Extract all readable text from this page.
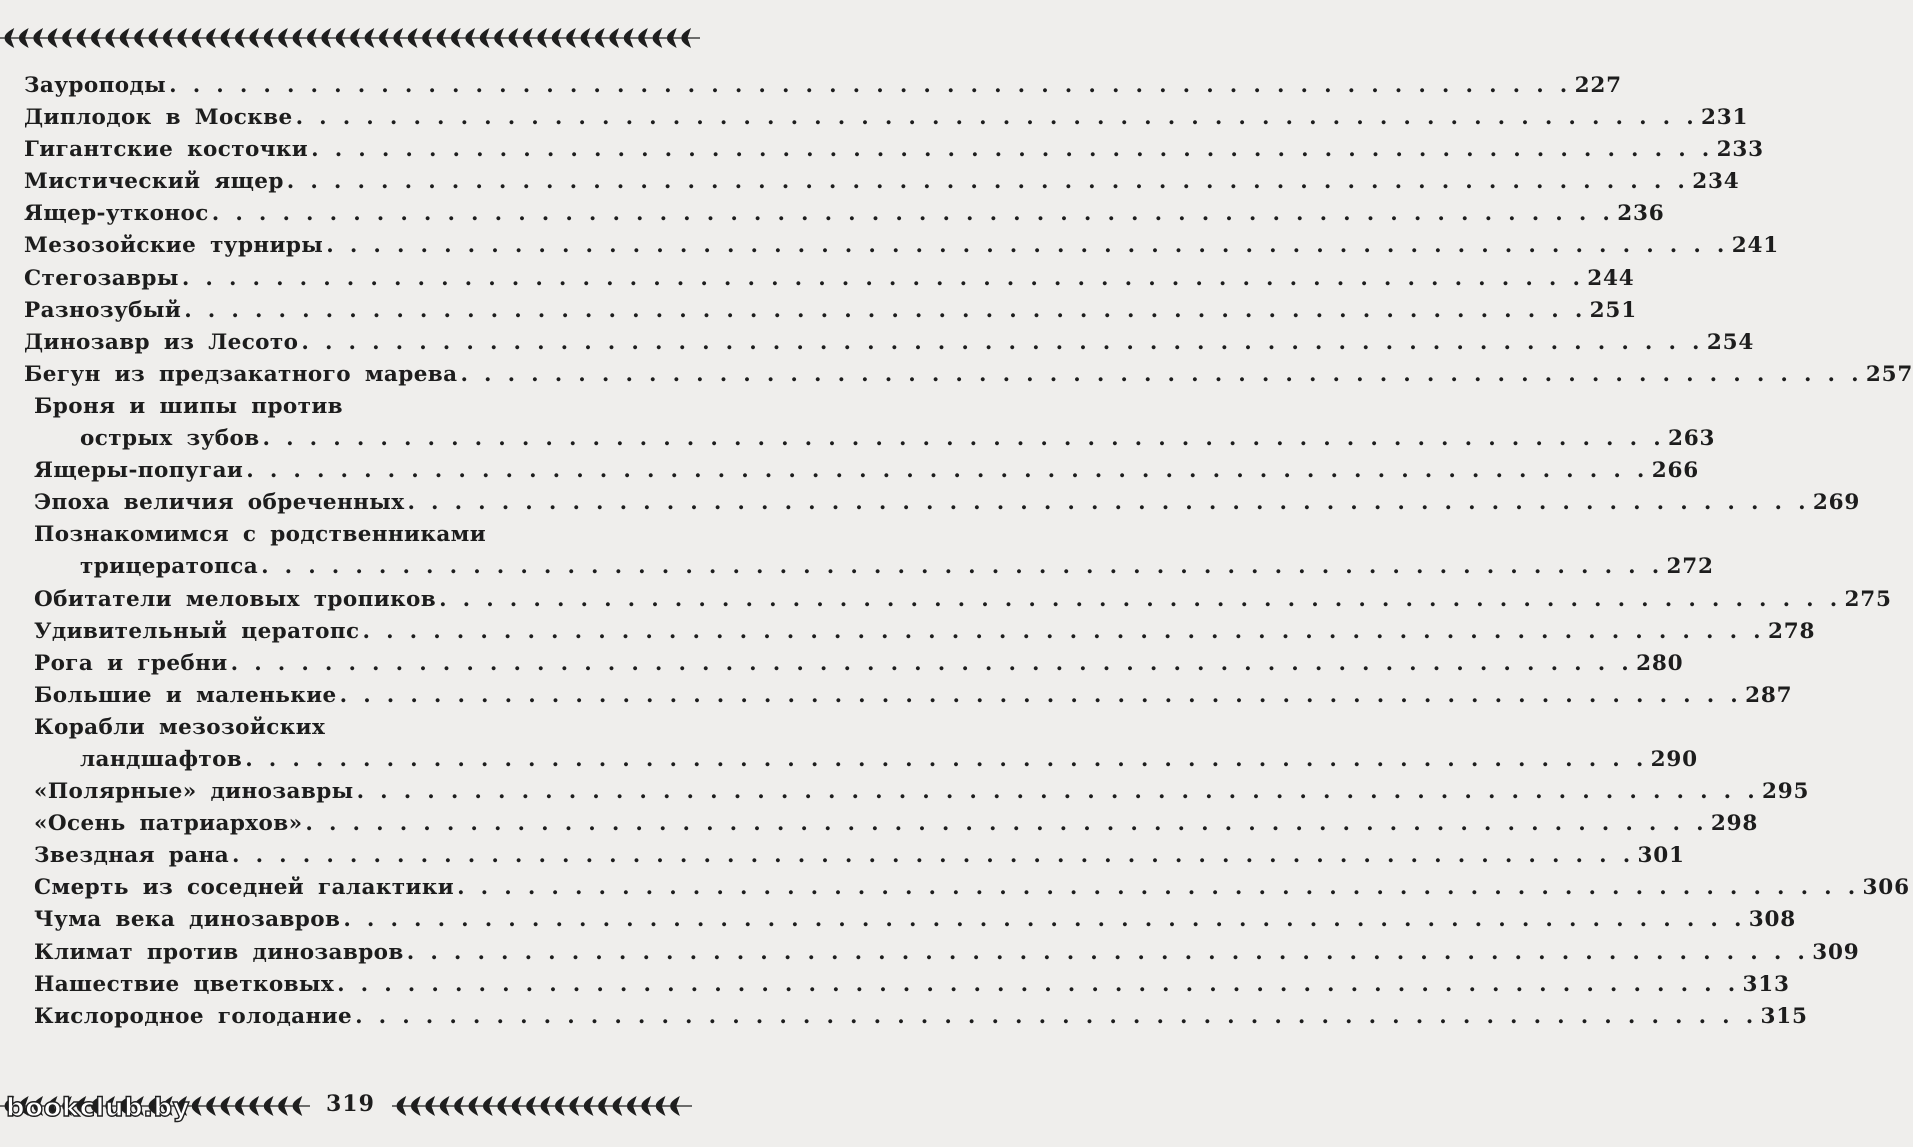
Зауроподы . . . . . . . . . . . . . . . . . . . . . . . . . . . . . . . . . . . . . . . . . . . . . . . . . . . . . . . . . . . . 227
Диплодок в Москве . . . . . . . . . . . . . . . . . . . . . . . . . . . . . . . . . . . . . . . . . . . . . . . . . . . . . . . . . . . . 231
Гигантские косточки . . . . . . . . . . . . . . . . . . . . . . . . . . . . . . . . . . . . . . . . . . . . . . . . . . . . . . . . . . . . 233
Мистический ящер . . . . . . . . . . . . . . . . . . . . . . . . . . . . . . . . . . . . . . . . . . . . . . . . . . . . . . . . . . . . 234
Ящер-утконос . . . . . . . . . . . . . . . . . . . . . . . . . . . . . . . . . . . . . . . . . . . . . . . . . . . . . . . . . . . . 236
Мезозойские турниры . . . . . . . . . . . . . . . . . . . . . . . . . . . . . . . . . . . . . . . . . . . . . . . . . . . . . . . . . . . . 241
Стегозавры . . . . . . . . . . . . . . . . . . . . . . . . . . . . . . . . . . . . . . . . . . . . . . . . . . . . . . . . . . . . 244
Разнозубый . . . . . . . . . . . . . . . . . . . . . . . . . . . . . . . . . . . . . . . . . . . . . . . . . . . . . . . . . . . . 251
Динозавр из Лесото . . . . . . . . . . . . . . . . . . . . . . . . . . . . . . . . . . . . . . . . . . . . . . . . . . . . . . . . . . . . 254
Бегун из предзакатного марева . . . . . . . . . . . . . . . . . . . . . . . . . . . . . . . . . . . . . . . . . . . . . . . . . . . . . . . . . . . . 257
Броня и шипы против
острых зубов . . . . . . . . . . . . . . . . . . . . . . . . . . . . . . . . . . . . . . . . . . . . . . . . . . . . . . . . . . . . 263
Ящеры-попугаи . . . . . . . . . . . . . . . . . . . . . . . . . . . . . . . . . . . . . . . . . . . . . . . . . . . . . . . . . . . . 266
Эпоха величия обреченных . . . . . . . . . . . . . . . . . . . . . . . . . . . . . . . . . . . . . . . . . . . . . . . . . . . . . . . . . . . . 269
Познакомимся с родственниками
трицератопса . . . . . . . . . . . . . . . . . . . . . . . . . . . . . . . . . . . . . . . . . . . . . . . . . . . . . . . . . . . . 272
Обитатели меловых тропиков . . . . . . . . . . . . . . . . . . . . . . . . . . . . . . . . . . . . . . . . . . . . . . . . . . . . . . . . . . . . 275
Удивительный цератопс . . . . . . . . . . . . . . . . . . . . . . . . . . . . . . . . . . . . . . . . . . . . . . . . . . . . . . . . . . . . 278
Рога и гребни . . . . . . . . . . . . . . . . . . . . . . . . . . . . . . . . . . . . . . . . . . . . . . . . . . . . . . . . . . . . 280
Большие и маленькие . . . . . . . . . . . . . . . . . . . . . . . . . . . . . . . . . . . . . . . . . . . . . . . . . . . . . . . . . . . . 287
Корабли мезозойских
ландшафтов . . . . . . . . . . . . . . . . . . . . . . . . . . . . . . . . . . . . . . . . . . . . . . . . . . . . . . . . . . . . 290
«Полярные» динозавры . . . . . . . . . . . . . . . . . . . . . . . . . . . . . . . . . . . . . . . . . . . . . . . . . . . . . . . . . . . . 295
«Осень патриархов» . . . . . . . . . . . . . . . . . . . . . . . . . . . . . . . . . . . . . . . . . . . . . . . . . . . . . . . . . . . . 298
Звездная рана . . . . . . . . . . . . . . . . . . . . . . . . . . . . . . . . . . . . . . . . . . . . . . . . . . . . . . . . . . . . 301
Смерть из соседней галактики . . . . . . . . . . . . . . . . . . . . . . . . . . . . . . . . . . . . . . . . . . . . . . . . . . . . . . . . . . . . 306
Чума века динозавров . . . . . . . . . . . . . . . . . . . . . . . . . . . . . . . . . . . . . . . . . . . . . . . . . . . . . . . . . . . . 308
Климат против динозавров . . . . . . . . . . . . . . . . . . . . . . . . . . . . . . . . . . . . . . . . . . . . . . . . . . . . . . . . . . . . 309
Нашествие цветковых . . . . . . . . . . . . . . . . . . . . . . . . . . . . . . . . . . . . . . . . . . . . . . . . . . . . . . . . . . . . 313
Кислородное голодание . . . . . . . . . . . . . . . . . . . . . . . . . . . . . . . . . . . . . . . . . . . . . . . . . . . . . . . . . . . . 315
319
bookclub.by
